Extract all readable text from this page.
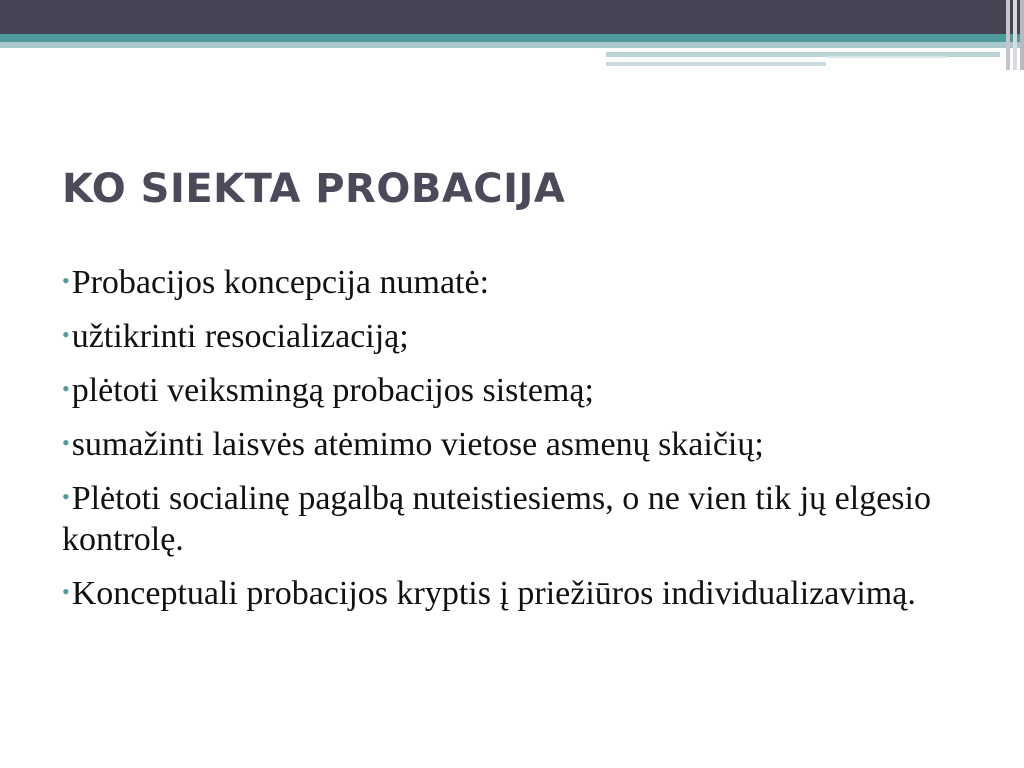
KO SIEKTA PROBACIJA
•Probacijos koncepcija numatė:
•užtikrinti resocializaciją;
•plėtoti veiksmingą probacijos sistemą;
•sumažinti laisvės atėmimo vietose asmenų skaičių;
•Plėtoti socialinę pagalbą nuteistiesiems, o ne vien tik jų elgesio kontrolę.
•Konceptuali probacijos kryptis į priežiūros individualizavimą.
